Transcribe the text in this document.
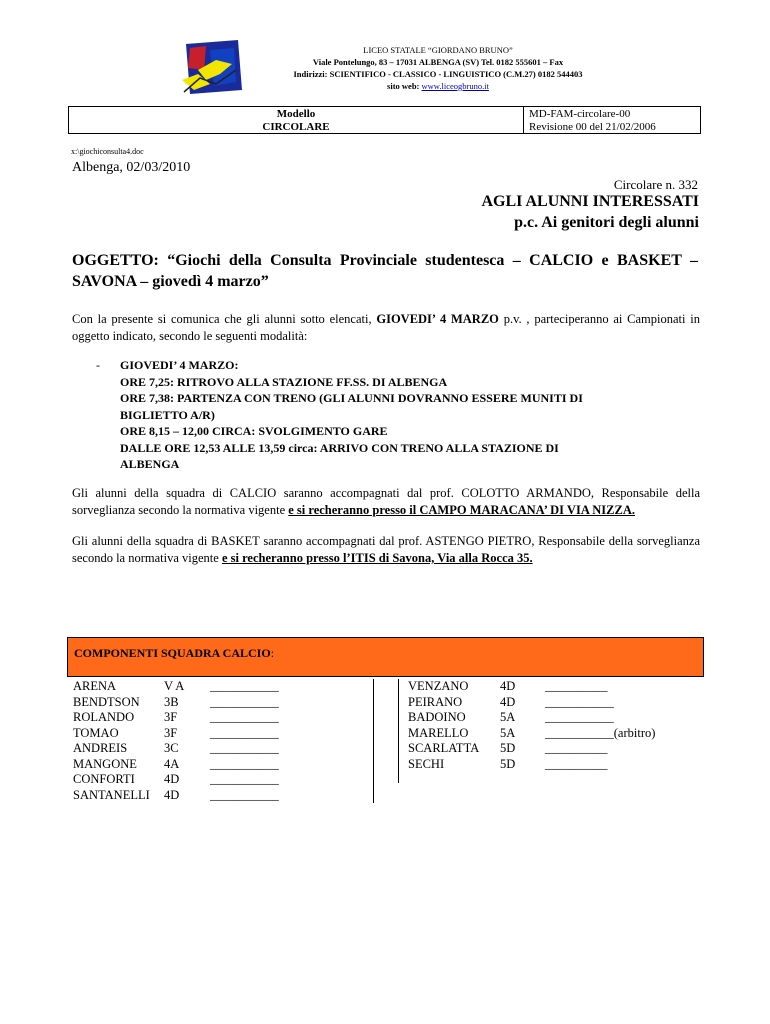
LICEO STATALE “GIORDANO BRUNO”
Viale Pontelungo, 83 – 17031 ALBENGA (SV) Tel. 0182 555601 – Fax
Indirizzi: SCIENTIFICO - CLASSICO - LINGUISTICO (C.M.27) 0182 544403
sito web: www.liceogbruno.it
Modello
CIRCOLARE
MD-FAM-circolare-00
Revisione 00 del 21/02/2006
x:\giochiconsulta4.doc
Albenga, 02/03/2010
Circolare n. 332
AGLI ALUNNI INTERESSATI
p.c. Ai genitori degli alunni
OGGETTO: “Giochi della Consulta Provinciale studentesca – CALCIO e BASKET – SAVONA – giovedì 4 marzo”
Con la presente si comunica che gli alunni sotto elencati, GIOVEDI’ 4 MARZO p.v. , parteciperanno ai Campionati in oggetto indicato, secondo le seguenti modalità:
-	GIOVEDI’ 4 MARZO:
ORE 7,25: RITROVO ALLA STAZIONE FF.SS. DI ALBENGA
ORE 7,38: PARTENZA CON TRENO (GLI ALUNNI DOVRANNO ESSERE MUNITI DI
BIGLIETTO A/R)
ORE 8,15 – 12,00 CIRCA: SVOLGIMENTO GARE
DALLE ORE 12,53 ALLE 13,59 circa: ARRIVO CON TRENO ALLA STAZIONE DI
ALBENGA
Gli alunni della squadra di CALCIO saranno accompagnati dal prof. COLOTTO ARMANDO, Responsabile della sorveglianza secondo la normativa vigente e si recheranno presso il CAMPO MARACANA’ DI VIA NIZZA.
Gli alunni della squadra di BASKET saranno accompagnati dal prof. ASTENGO PIETRO, Responsabile della sorveglianza secondo la normativa vigente e si recheranno presso l’ITIS di Savona, Via alla Rocca 35.
COMPONENTI SQUADRA CALCIO:
ARENA	V A ___________
BENDTSON 3B	___________
ROLANDO 3F	___________
TOMAO	3F	___________
ANDREIS	3C	___________
MANGONE 4A ___________
CONFORTI 4D ___________
SANTANELLI 4D ___________
VENZANO	4D __________
PEIRANO	4D ___________
BADOINO	5A ___________
MARELLO	5A ___________(arbitro)
SCARLATTA 5D __________
SECHI	5D __________
